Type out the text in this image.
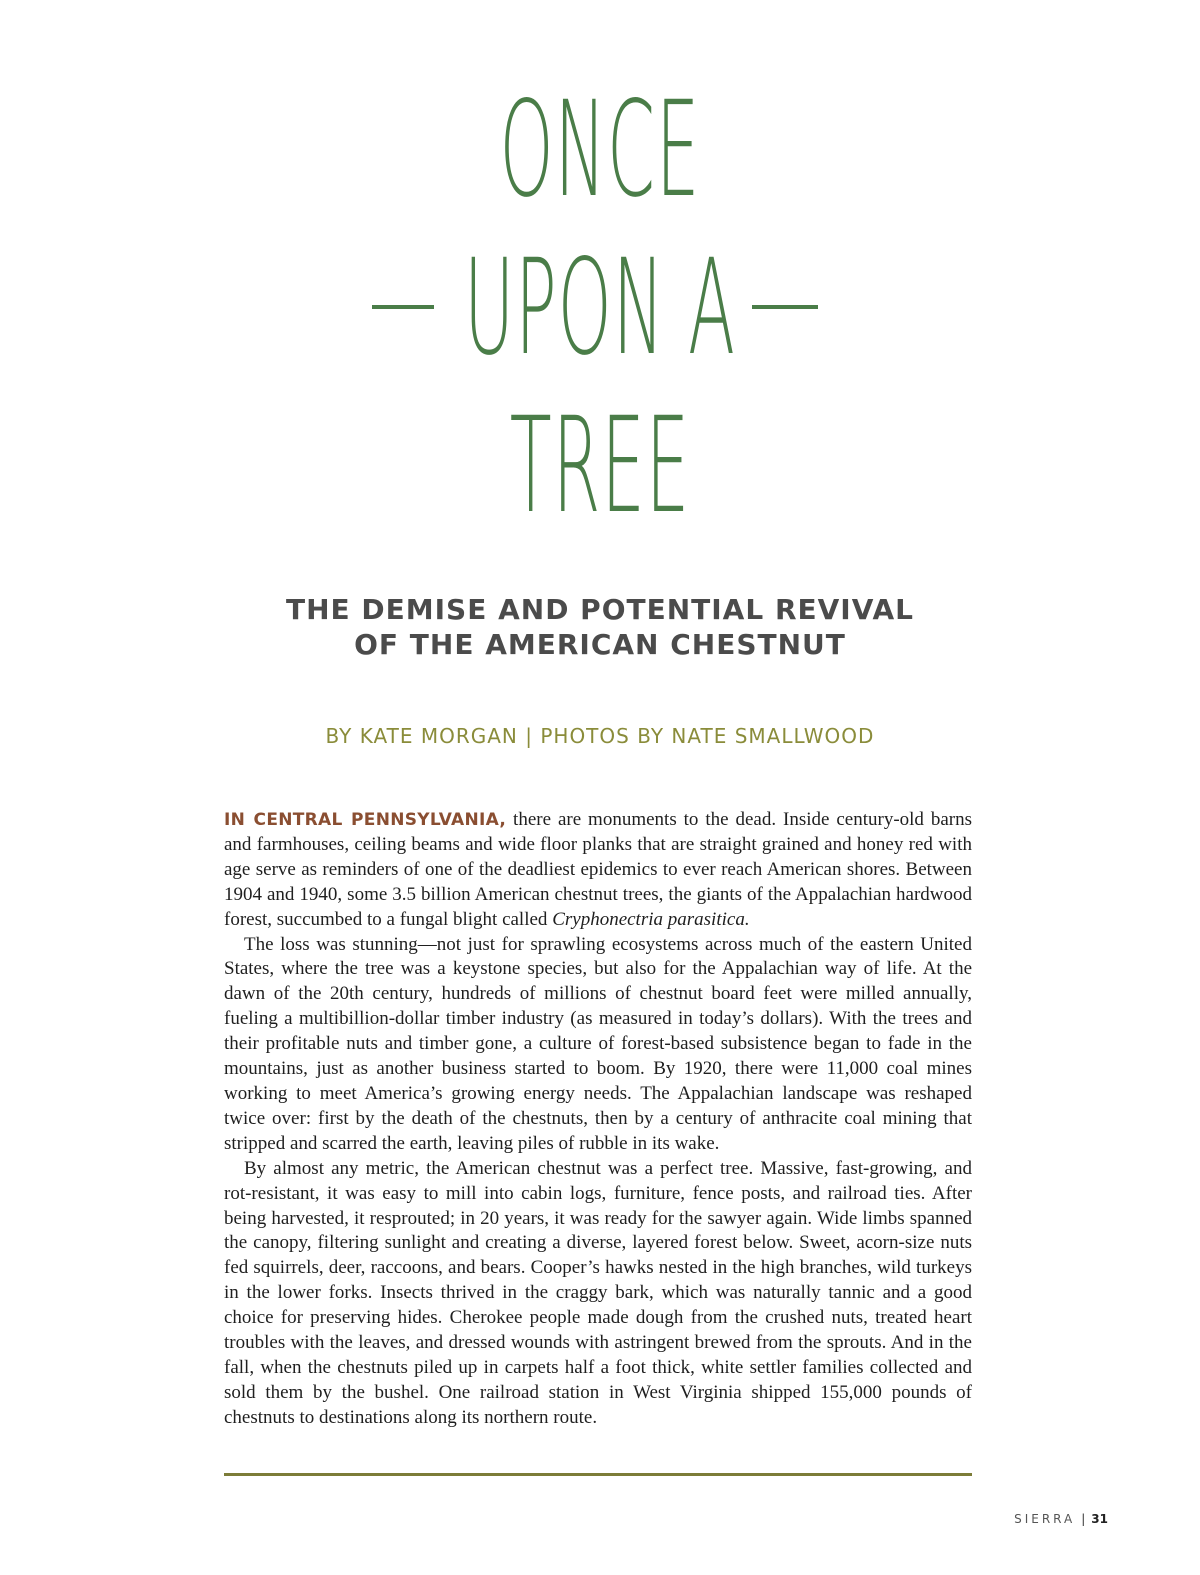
ONCE
UPON A
TREE
THE DEMISE AND POTENTIAL REVIVAL
OF THE AMERICAN CHESTNUT

BY KATE MORGAN | PHOTOS BY NATE SMALLWOOD

IN CENTRAL PENNSYLVANIA, there are monuments to the dead. Inside century-old barns and farmhouses, ceiling beams and wide floor planks that are straight grained and honey red with age serve as reminders of one of the deadliest epidemics to ever reach American shores. Between 1904 and 1940, some 3.5 billion American chestnut trees, the giants of the Appalachian hardwood forest, succumbed to a fungal blight called Cryphonectria parasitica.

The loss was stunning—not just for sprawling ecosystems across much of the eastern United States, where the tree was a keystone species, but also for the Appalachian way of life. At the dawn of the 20th century, hundreds of millions of chestnut board feet were milled annually, fueling a multibillion-dollar timber industry (as measured in today’s dollars). With the trees and their profitable nuts and timber gone, a culture of forest-based subsistence began to fade in the mountains, just as another business started to boom. By 1920, there were 11,000 coal mines working to meet America’s growing energy needs. The Appalachian landscape was reshaped twice over: first by the death of the chestnuts, then by a century of anthracite coal mining that stripped and scarred the earth, leaving piles of rubble in its wake.

By almost any metric, the American chestnut was a perfect tree. Massive, fast-growing, and rot-resistant, it was easy to mill into cabin logs, furniture, fence posts, and railroad ties. After being harvested, it resprouted; in 20 years, it was ready for the sawyer again. Wide limbs spanned the canopy, filtering sunlight and creating a diverse, layered forest below. Sweet, acorn-size nuts fed squirrels, deer, raccoons, and bears. Cooper’s hawks nested in the high branches, wild turkeys in the lower forks. Insects thrived in the craggy bark, which was naturally tannic and a good choice for preserving hides. Cherokee people made dough from the crushed nuts, treated heart troubles with the leaves, and dressed wounds with astringent brewed from the sprouts. And in the fall, when the chestnuts piled up in carpets half a foot thick, white settler families collected and sold them by the bushel. One railroad station in West Virginia shipped 155,000 pounds of chestnuts to destinations along its northern route.

SIERRA | 31
